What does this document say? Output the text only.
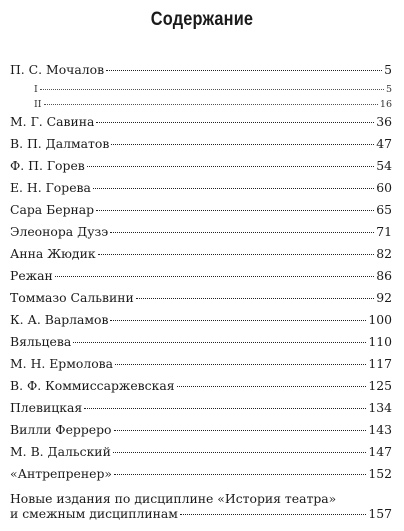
Содержание
П. С. Мочалов	5
I	5
II	16
М. Г. Савина	36
В. П. Далматов	47
Ф. П. Горев	54
Е. Н. Горева	60
Сара Бернар	65
Элеонора Дузэ	71
Анна Жюдик	82
Режан	86
Томмазо Сальвини	92
К. А. Варламов	100
Вяльцева	110
М. Н. Ермолова	117
В. Ф. Коммиссаржевская	125
Плевицкая	134
Вилли Ферреро	143
М. В. Дальский	147
«Антрепренер»	152
Новые издания по дисциплине «История театра»
и смежным дисциплинам	157
